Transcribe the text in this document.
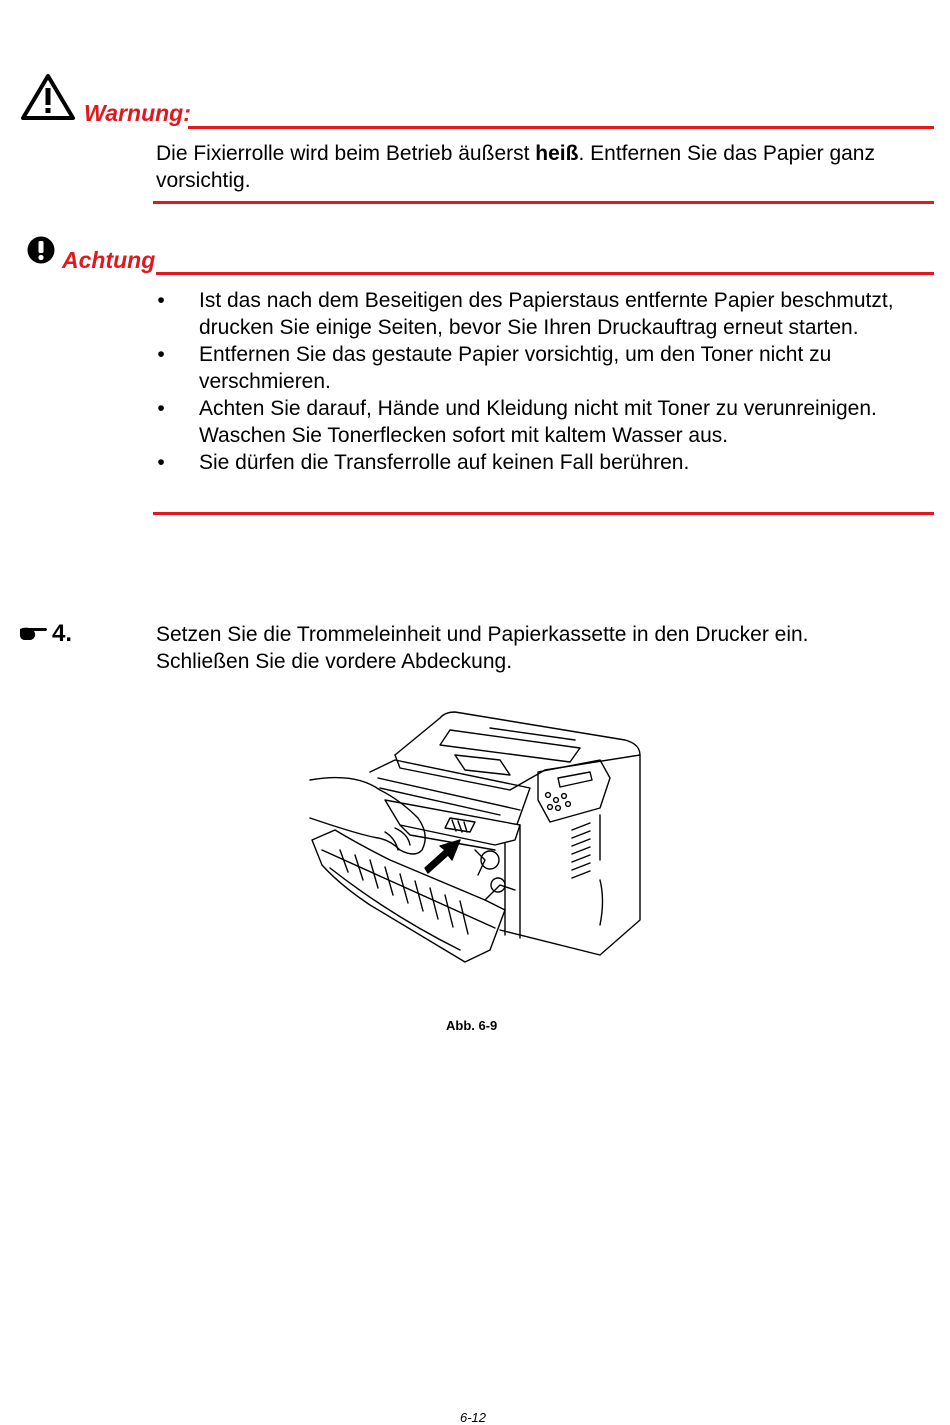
Warnung:
Die Fixierrolle wird beim Betrieb äußerst heiß. Entfernen Sie das Papier ganz vorsichtig.
Achtung
• Ist das nach dem Beseitigen des Papierstaus entfernte Papier beschmutzt, drucken Sie einige Seiten, bevor Sie Ihren Druckauftrag erneut starten.
• Entfernen Sie das gestaute Papier vorsichtig, um den Toner nicht zu verschmieren.
• Achten Sie darauf, Hände und Kleidung nicht mit Toner zu verunreinigen. Waschen Sie Tonerflecken sofort mit kaltem Wasser aus.
• Sie dürfen die Transferrolle auf keinen Fall berühren.
4.	Setzen Sie die Trommeleinheit und Papierkassette in den Drucker ein. Schließen Sie die vordere Abdeckung.
Abb. 6-9
6-12
